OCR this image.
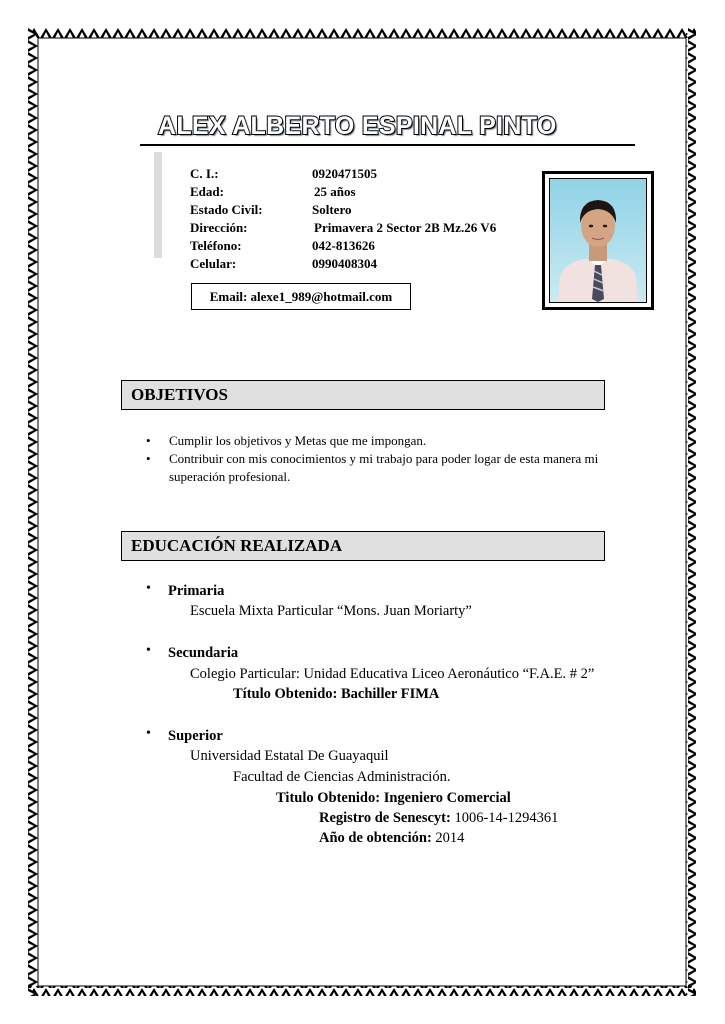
ALEX ALBERTO ESPINAL PINTO
C. I.:	0920471505
Edad:	25 años
Estado Civil:	Soltero
Dirección:	Primavera 2 Sector 2B Mz.26 V6
Teléfono:	042-813626
Celular:	0990408304
Email: alexe1_989@hotmail.com
OBJETIVOS
• Cumplir los objetivos y Metas que me impongan.
• Contribuir con mis conocimientos y mi trabajo para poder logar de esta manera mi superación profesional.
EDUCACIÓN REALIZADA
• Primaria
Escuela Mixta Particular “Mons. Juan Moriarty”
• Secundaria
Colegio Particular: Unidad Educativa Liceo Aeronáutico “F.A.E. # 2”
Título Obtenido: Bachiller FIMA
• Superior
Universidad Estatal De Guayaquil
Facultad de Ciencias Administración.
Titulo Obtenido: Ingeniero Comercial
Registro de Senescyt: 1006-14-1294361
Año de obtención: 2014
